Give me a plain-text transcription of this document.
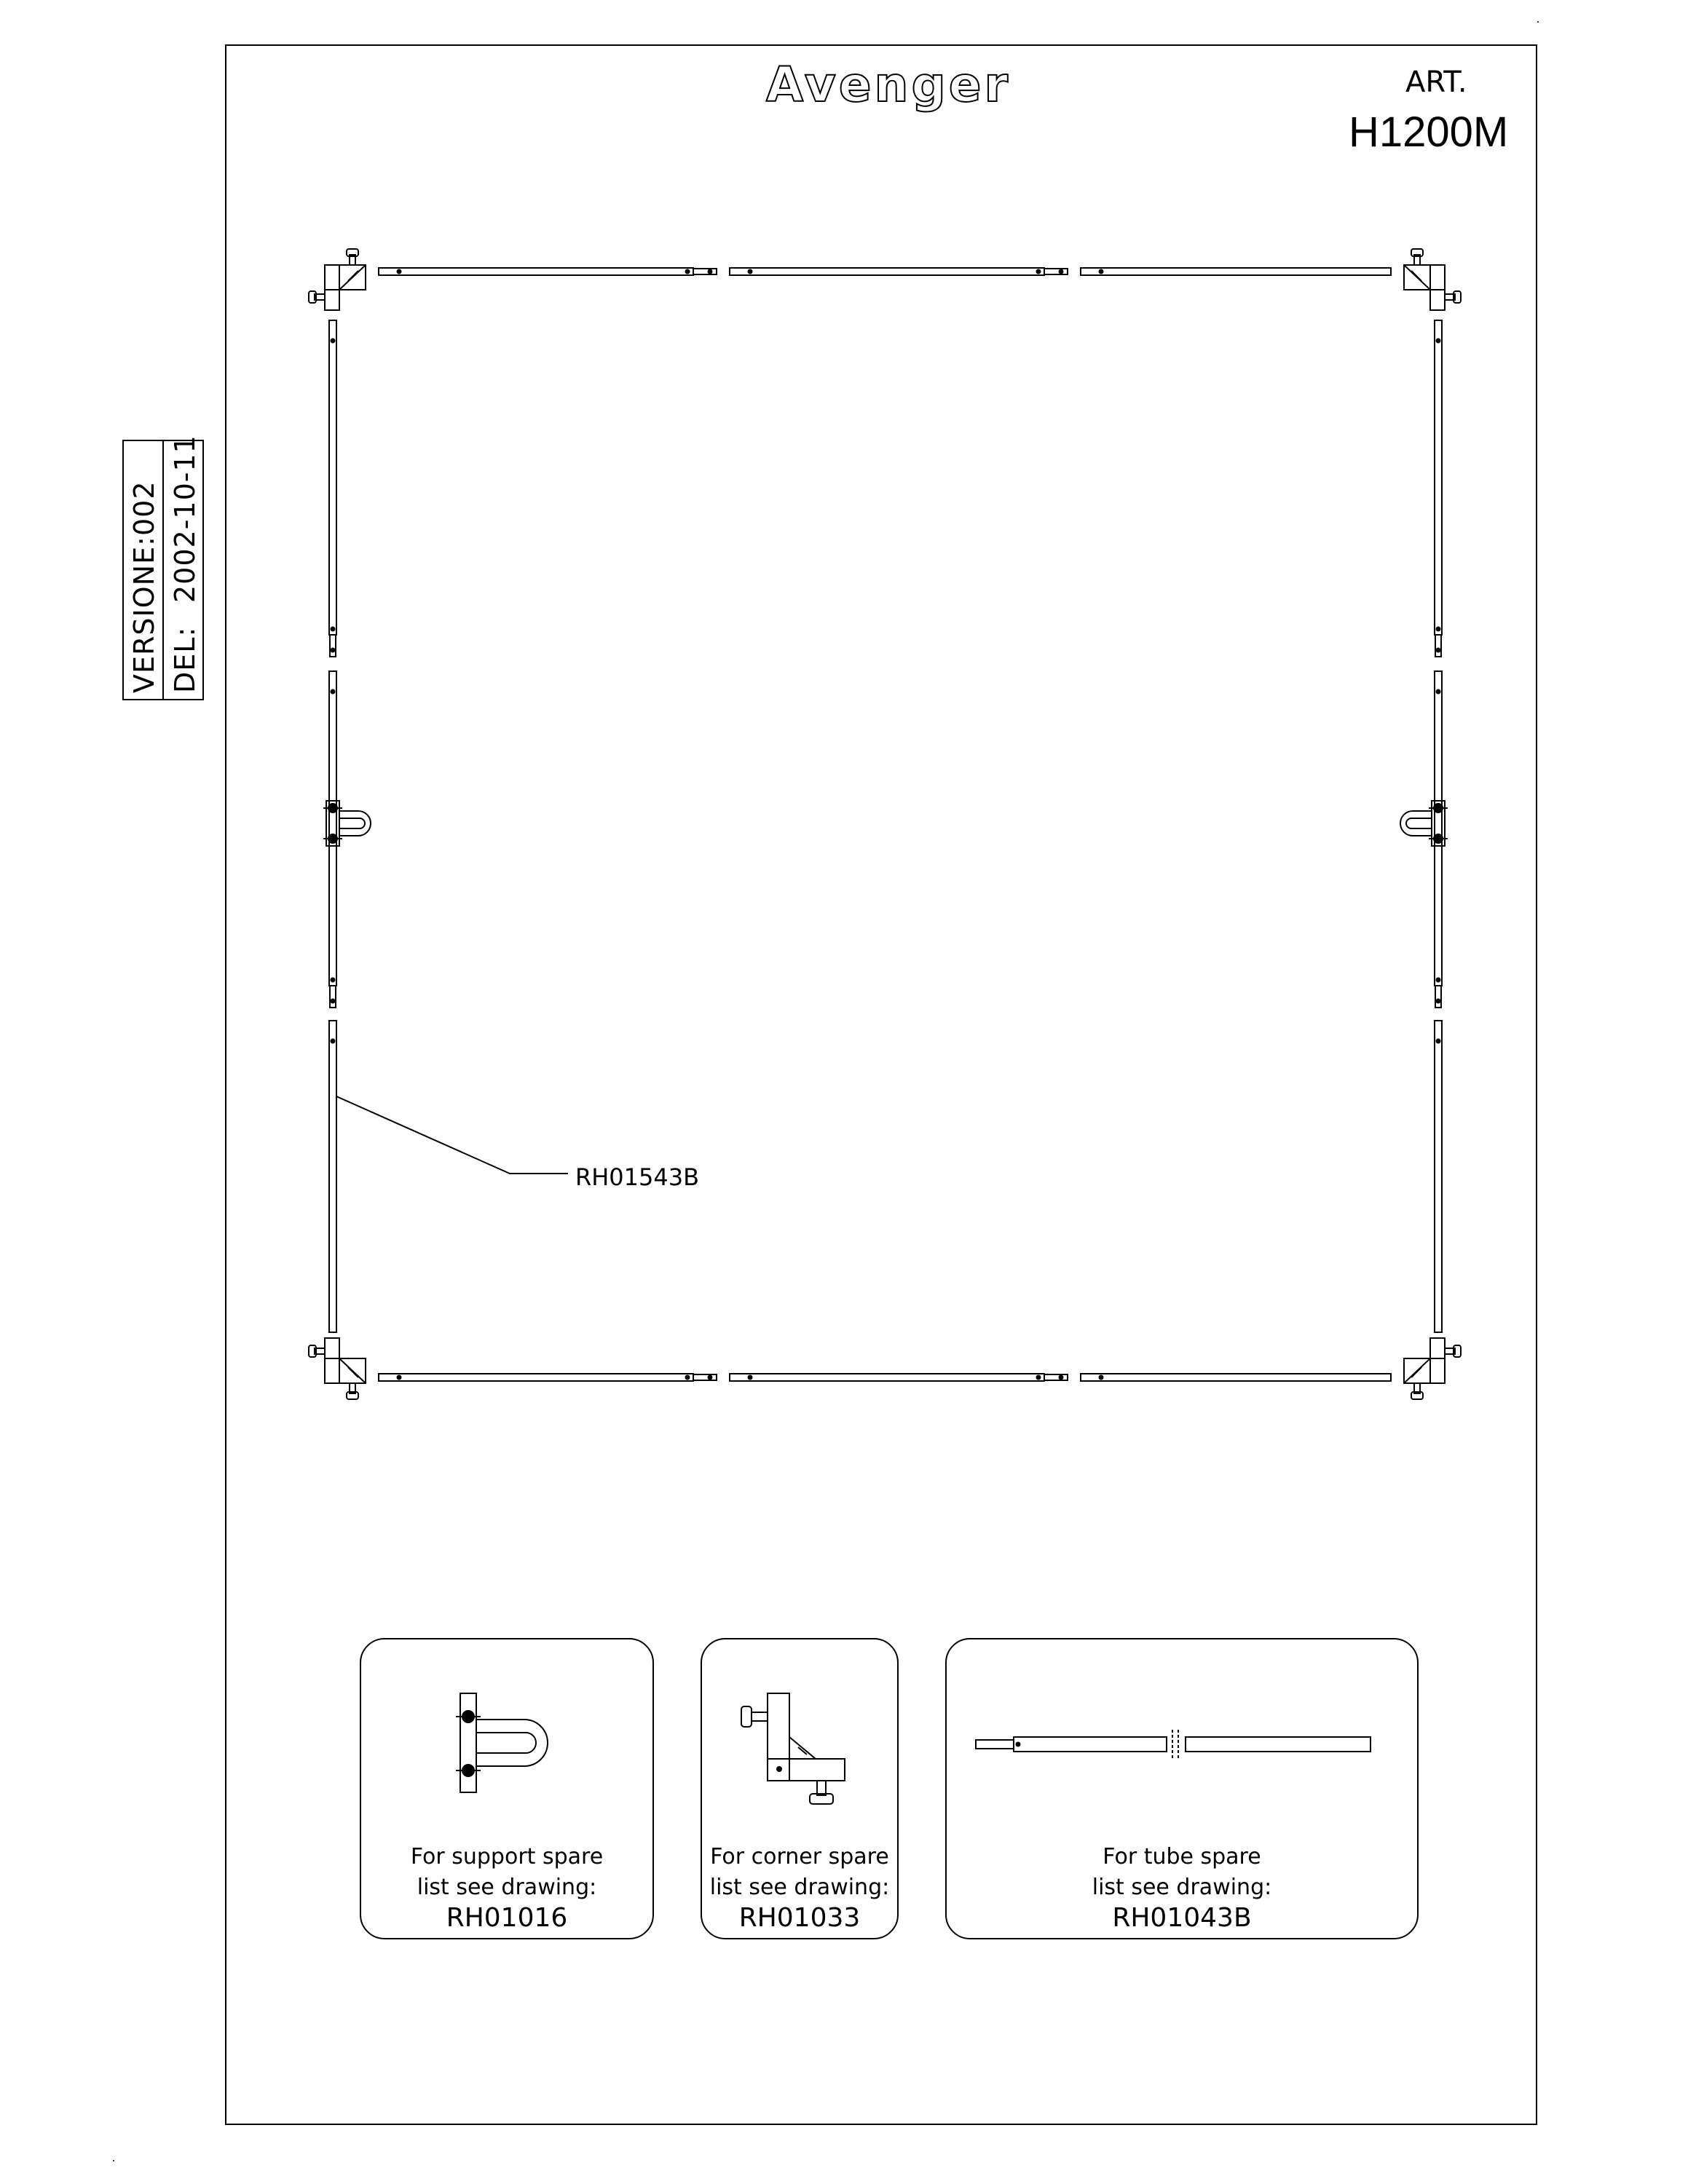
Avenger	ART.
H1200M
VERSIONE:
002
DEL:
2002-10-11
RH01543B
For support spare
list see drawing:
RH01016
For corner spare
list see drawing:
RH01033
For tube spare
list see drawing:
RH01043B
